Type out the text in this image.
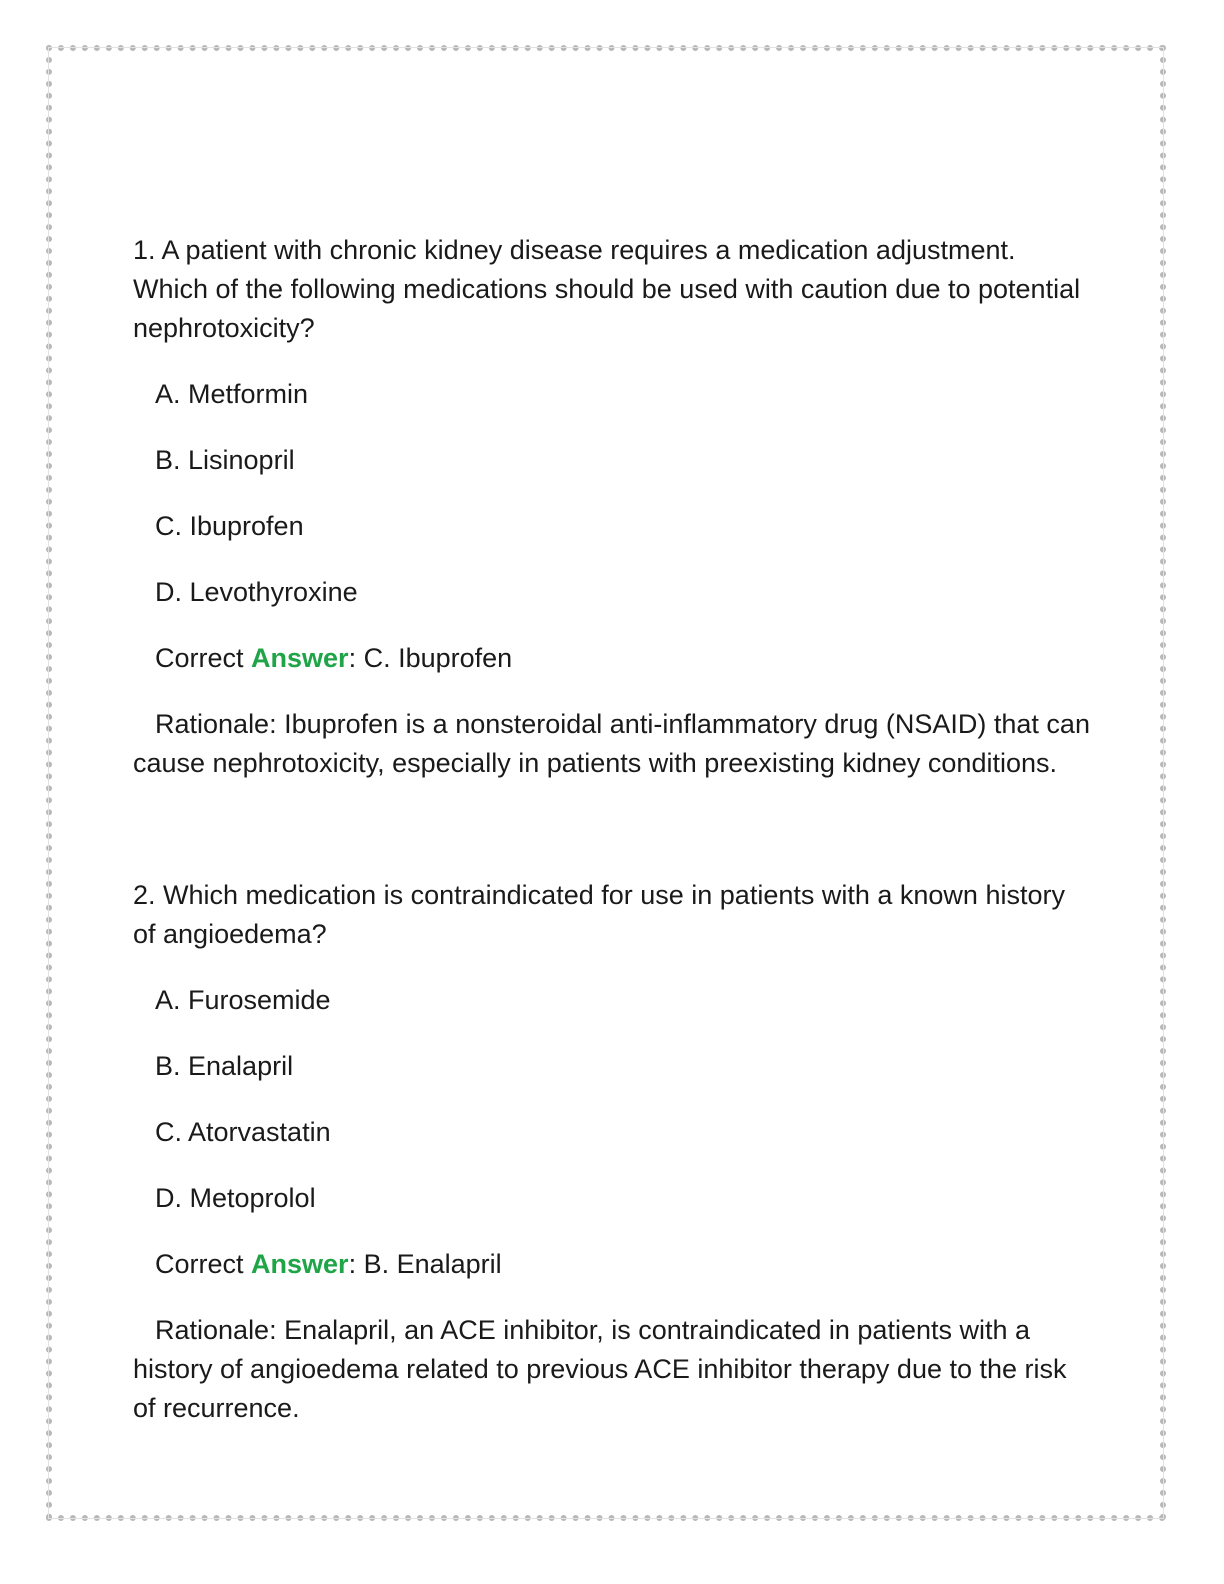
1. A patient with chronic kidney disease requires a medication adjustment. Which of the following medications should be used with caution due to potential nephrotoxicity?

A. Metformin

B. Lisinopril

C. Ibuprofen

D. Levothyroxine

Correct Answer: C. Ibuprofen

Rationale: Ibuprofen is a nonsteroidal anti-inflammatory drug (NSAID) that can cause nephrotoxicity, especially in patients with preexisting kidney conditions.

2. Which medication is contraindicated for use in patients with a known history of angioedema?

A. Furosemide

B. Enalapril

C. Atorvastatin

D. Metoprolol

Correct Answer: B. Enalapril

Rationale: Enalapril, an ACE inhibitor, is contraindicated in patients with a history of angioedema related to previous ACE inhibitor therapy due to the risk of recurrence.
